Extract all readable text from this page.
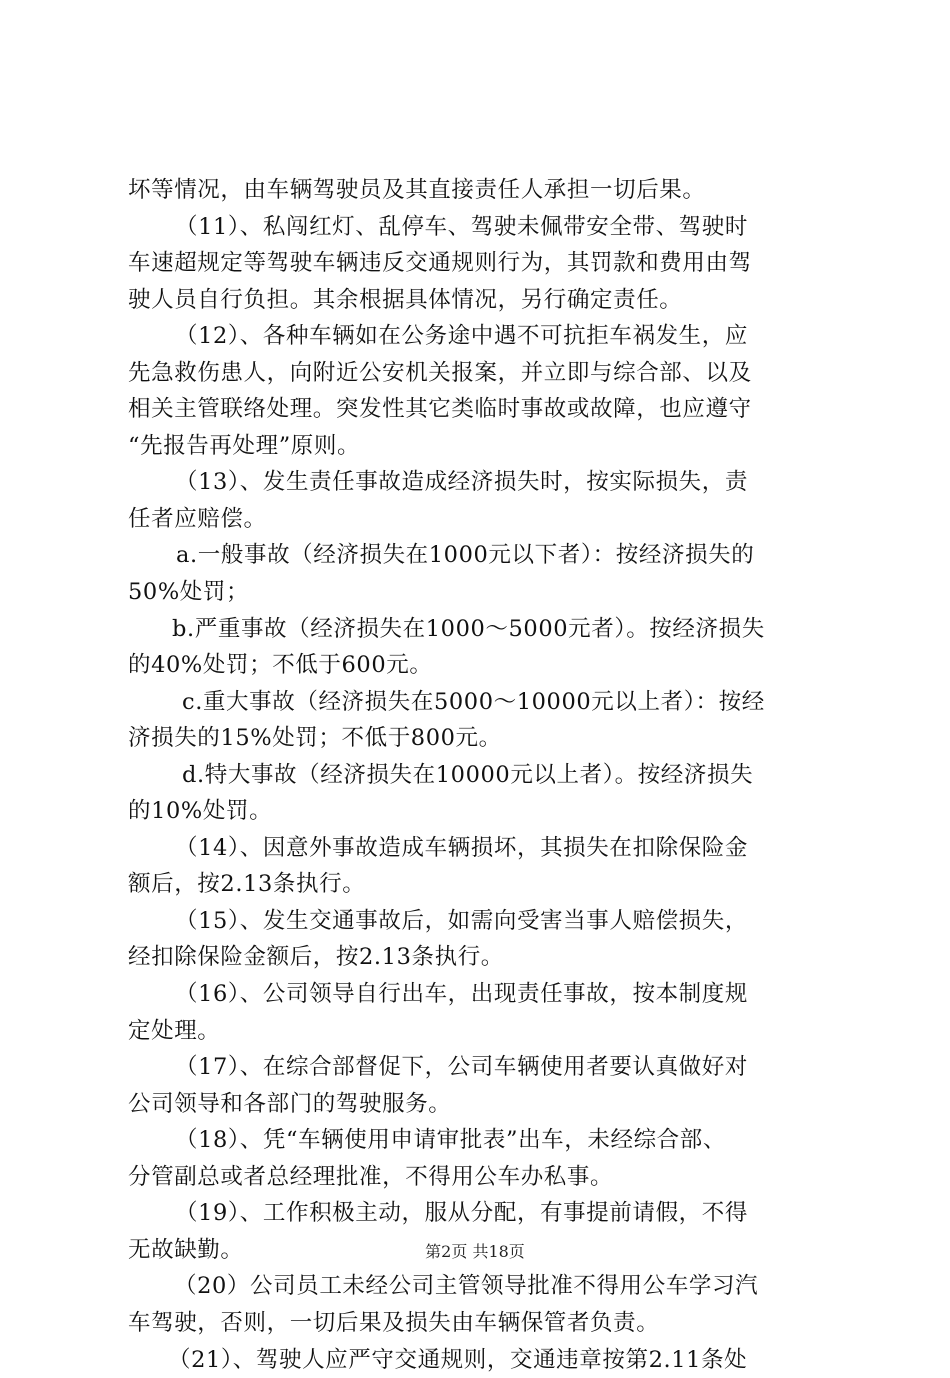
坏等情况，由车辆驾驶员及其直接责任人承担一切后果。
（11）、私闯红灯、乱停车、驾驶未佩带安全带、驾驶时
车速超规定等驾驶车辆违反交通规则行为，其罚款和费用由驾
驶人员自行负担。其余根据具体情况，另行确定责任。
（12）、各种车辆如在公务途中遇不可抗拒车祸发生，应
先急救伤患人，向附近公安机关报案，并立即与综合部、以及
相关主管联络处理。突发性其它类临时事故或故障，也应遵守
“先报告再处理”原则。
（13）、发生责任事故造成经济损失时，按实际损失，责
任者应赔偿。
a.一般事故（经济损失在1000元以下者）：按经济损失的
50%处罚；
b.严重事故（经济损失在1000～5000元者）。按经济损失
的40%处罚；不低于600元。
c.重大事故（经济损失在5000～10000元以上者）：按经
济损失的15%处罚；不低于800元。
d.特大事故（经济损失在10000元以上者）。按经济损失
的10%处罚。
（14）、因意外事故造成车辆损坏，其损失在扣除保险金
额后，按2.13条执行。
（15）、发生交通事故后，如需向受害当事人赔偿损失，
经扣除保险金额后，按2.13条执行。
（16）、公司领导自行出车，出现责任事故，按本制度规
定处理。
（17）、在综合部督促下，公司车辆使用者要认真做好对
公司领导和各部门的驾驶服务。
（18）、凭“车辆使用申请审批表”出车，未经综合部、
分管副总或者总经理批准，不得用公车办私事。
（19）、工作积极主动，服从分配，有事提前请假，不得
无故缺勤。
（20）公司员工未经公司主管领导批准不得用公车学习汽
车驾驶，否则，一切后果及损失由车辆保管者负责。
（21）、驾驶人应严守交通规则，交通违章按第2.11条处
第2页 共18页
